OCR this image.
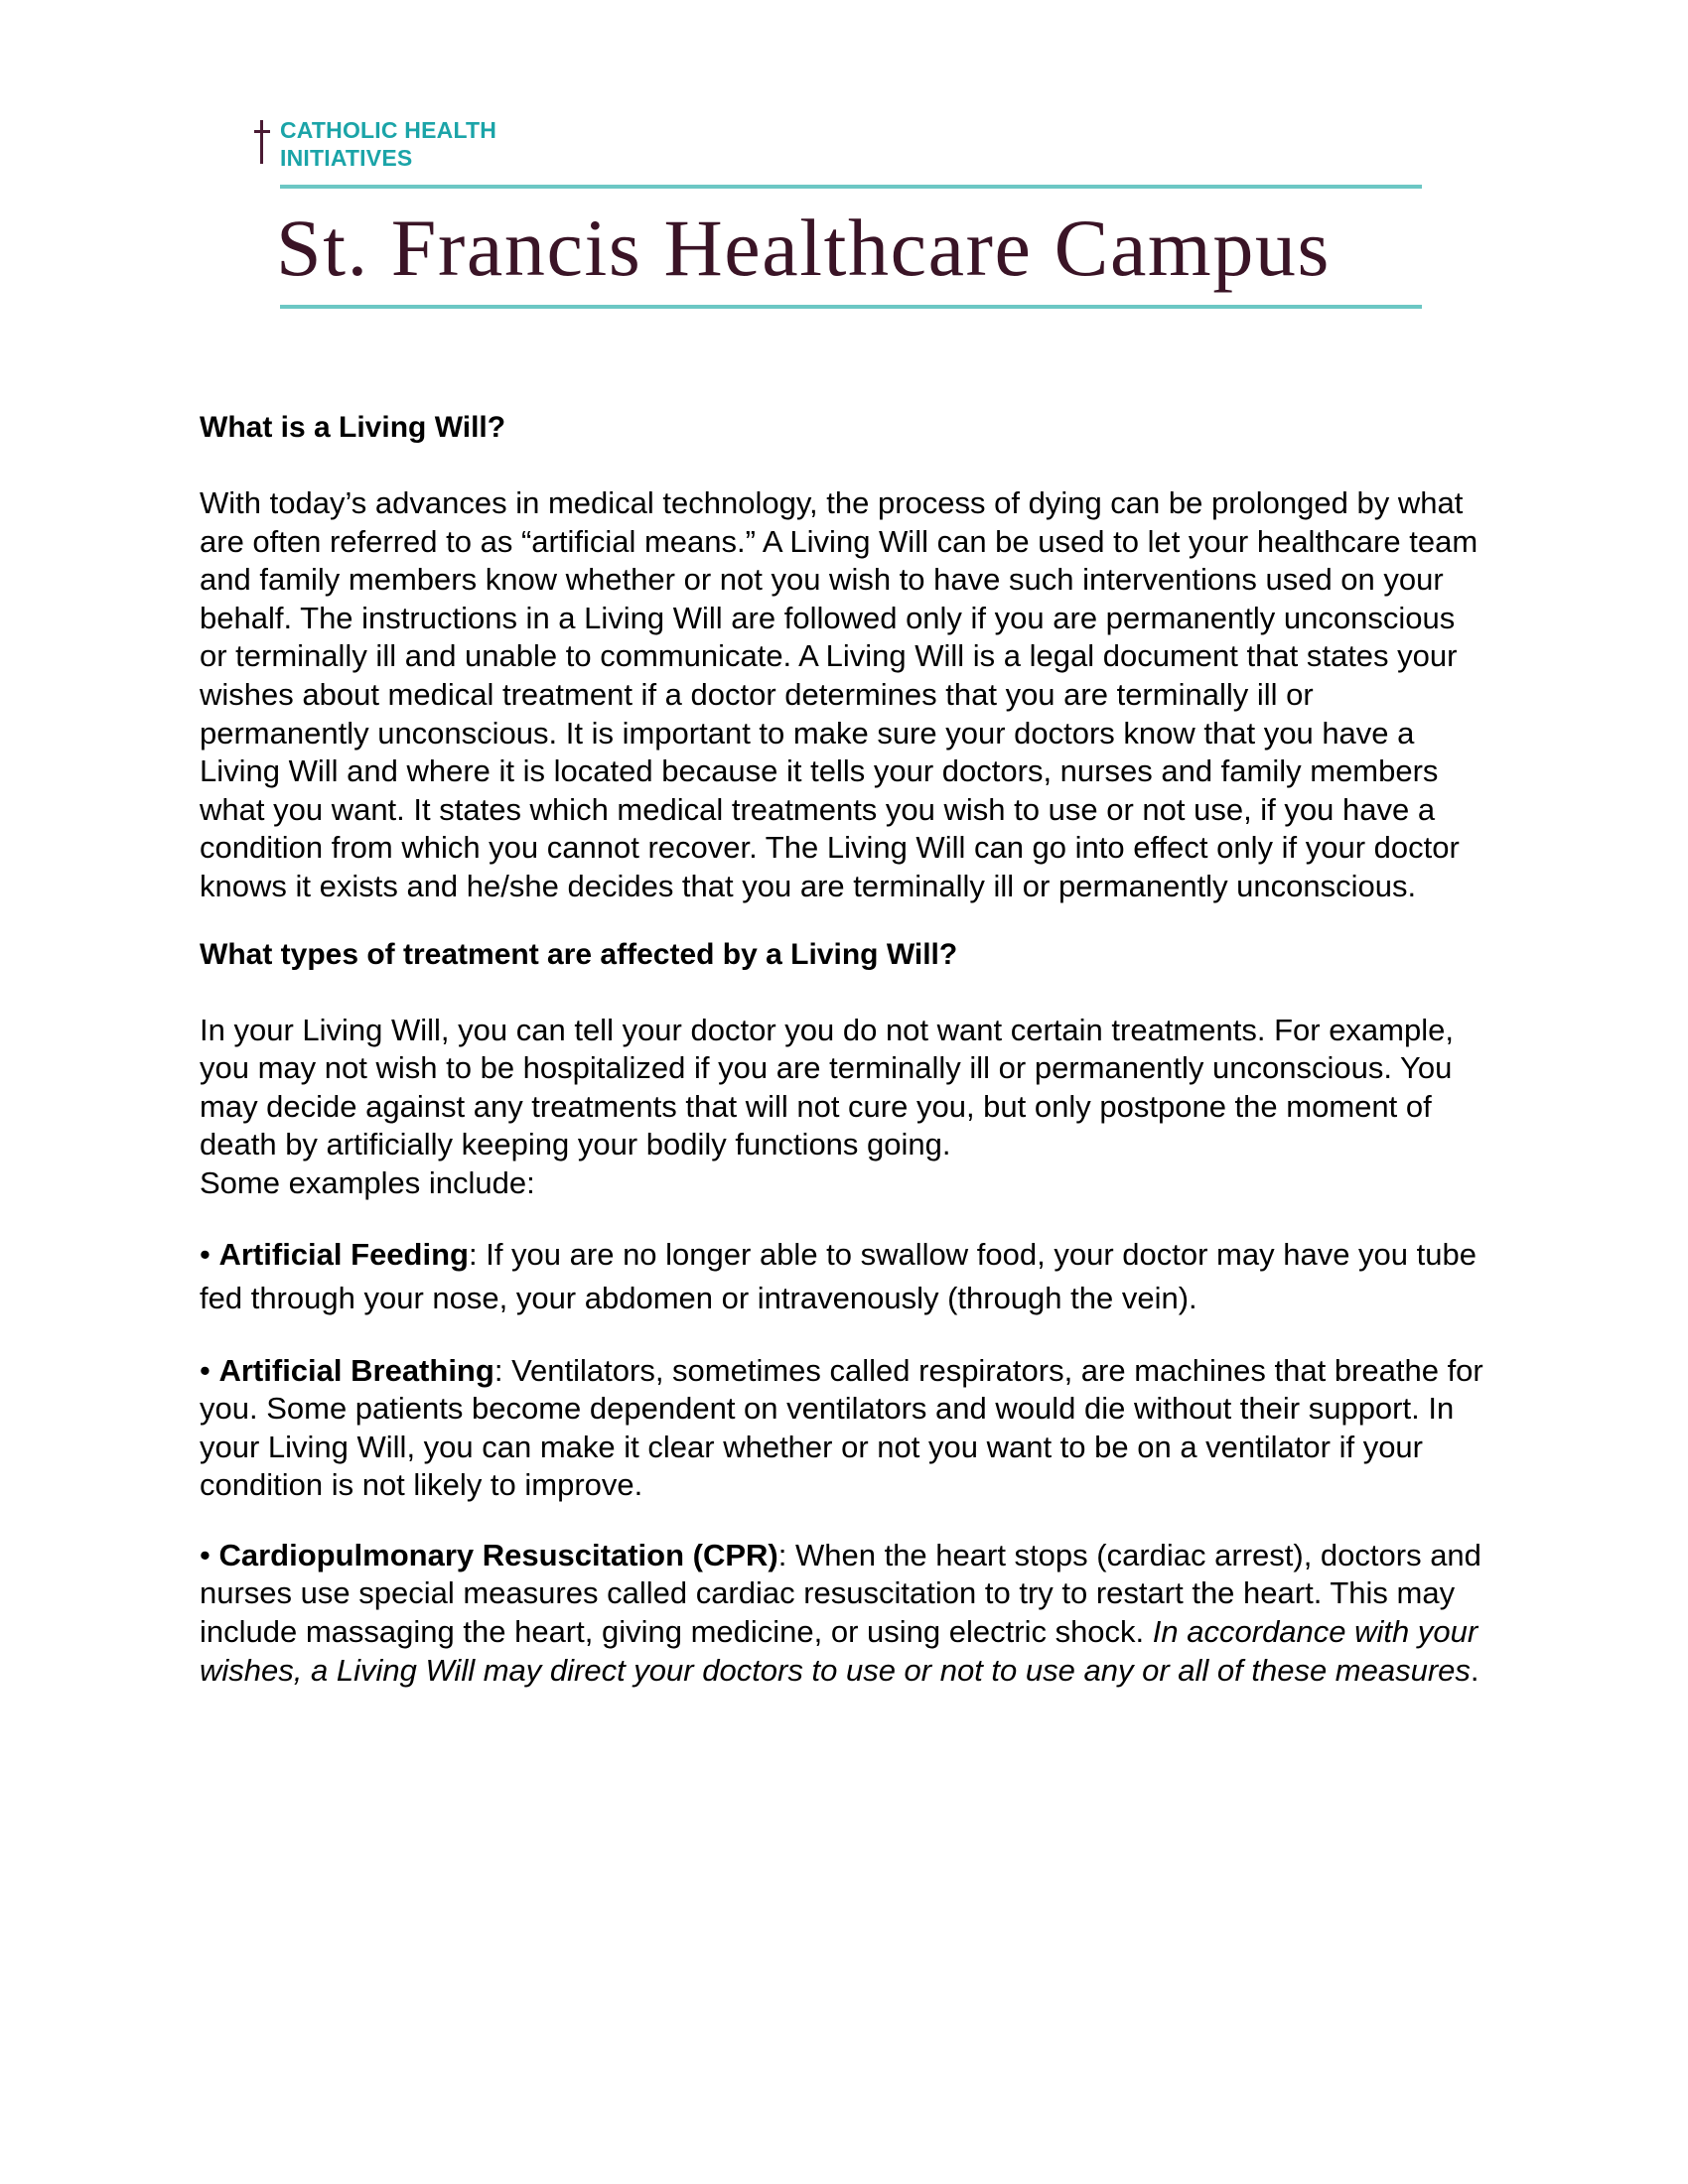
CATHOLIC HEALTH
INITIATIVES
St. Francis Healthcare Campus
What is a Living Will?

With today’s advances in medical technology, the process of dying can be prolonged by what are often referred to as “artificial means.” A Living Will can be used to let your healthcare team and family members know whether or not you wish to have such interventions used on your behalf. The instructions in a Living Will are followed only if you are permanently unconscious or terminally ill and unable to communicate. A Living Will is a legal document that states your wishes about medical treatment if a doctor determines that you are terminally ill or permanently unconscious. It is important to make sure your doctors know that you have a Living Will and where it is located because it tells your doctors, nurses and family members what you want. It states which medical treatments you wish to use or not use, if you have a condition from which you cannot recover. The Living Will can go into effect only if your doctor knows it exists and he/she decides that you are terminally ill or permanently unconscious.

What types of treatment are affected by a Living Will?

In your Living Will, you can tell your doctor you do not want certain treatments. For example, you may not wish to be hospitalized if you are terminally ill or permanently unconscious. You may decide against any treatments that will not cure you, but only postpone the moment of death by artificially keeping your bodily functions going.
Some examples include:

• Artificial Feeding: If you are no longer able to swallow food, your doctor may have you tube fed through your nose, your abdomen or intravenously (through the vein).

• Artificial Breathing: Ventilators, sometimes called respirators, are machines that breathe for you. Some patients become dependent on ventilators and would die without their support. In your Living Will, you can make it clear whether or not you want to be on a ventilator if your condition is not likely to improve.

• Cardiopulmonary Resuscitation (CPR): When the heart stops (cardiac arrest), doctors and nurses use special measures called cardiac resuscitation to try to restart the heart. This may include massaging the heart, giving medicine, or using electric shock. In accordance with your wishes, a Living Will may direct your doctors to use or not to use any or all of these measures.
